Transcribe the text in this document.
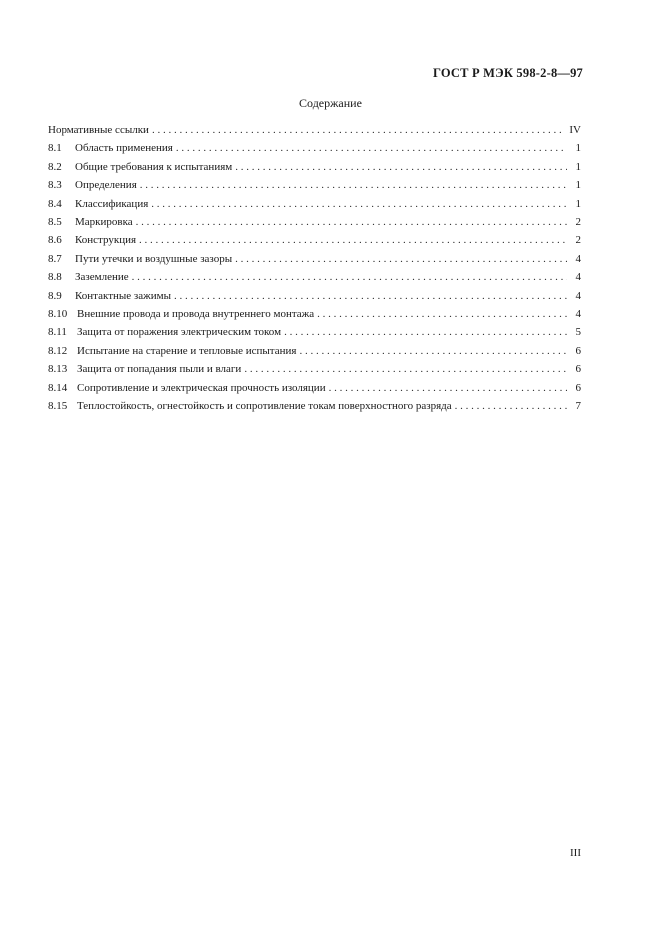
ГОСТ Р МЭК 598-2-8—97
Содержание
Нормативные ссылки . . .	IV
8.1	Область применения . . .	1
8.2	Общие требования к испытаниям . . .	1
8.3	Определения . . .	1
8.4	Классификация . . .	1
8.5	Маркировка . . .	2
8.6	Конструкция . . .	2
8.7	Пути утечки и воздушные зазоры . . .	4
8.8	Заземление . . .	4
8.9	Контактные зажимы . . .	4
8.10 Внешние провода и провода внутреннего монтажа . . .	4
8.11 Защита от поражения электрическим током . . .	5
8.12 Испытание на старение и тепловые испытания . . .	6
8.13 Защита от попадания пыли и влаги . . .	6
8.14 Сопротивление и электрическая прочность изоляции . . .	6
8.15 Теплостойкость, огнестойкость и сопротивление токам поверхностного разряда . . .	7
III
